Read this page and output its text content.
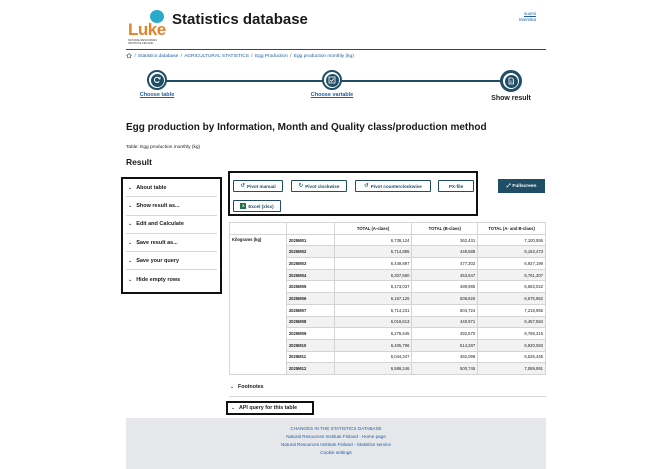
Luke
NATURAL RESOURCES INSTITUTE FINLAND
Statistics database	suomi
Svenska
/ Statistics database / AGRICULTURAL STATISTICS / Egg Production / Egg production monthly (kg)
Choose table	Choose variable	Show result
Egg production by Information, Month and Quality class/production method
Table: Egg production monthly (kg)
Result
⌄ About table
⌄ Show result as...
⌄ Edit and Calculate
⌄ Save result as...
⌄ Save your query
⌄ Hide empty rows
↺ Pivot manual	↻ Pivot clockwise	↺ Pivot counterclockwise	PX-file
X Excel (xlsx)
⤢ Fullscreen
		TOTAL (A-class)	TOTAL (B-class)	TOTAL (A- and B-class)
Kilograms (kg)	2025M01	6,738,124	362,431	7,100,555
	2025M02	5,714,885	448,588	6,163,473
	2025M03	6,449,897	477,302	6,927,199
	2025M04	6,307,660	453,647	6,761,307
	2025M05	6,173,037	489,985	6,663,022
	2025M06	6,167,126	508,826	6,675,952
	2025M07	6,714,231	504,724	7,218,955
	2025M08	6,016,613	440,971	6,457,584
	2025M09	6,276,645	492,670	6,769,315
	2025M10	6,405,796	514,287	6,920,083
	2025M11	6,044,347	482,098	6,526,445
	2025M12	6,589,246	500,745	7,089,991
⌄ Footnotes
⌄ API query for this table
CHANGES IN THE STATISTICS DATABASE
Natural Resources Institute Finland - Home page
Natural Resources Institute Finland - Statistics service
Cookie settings
